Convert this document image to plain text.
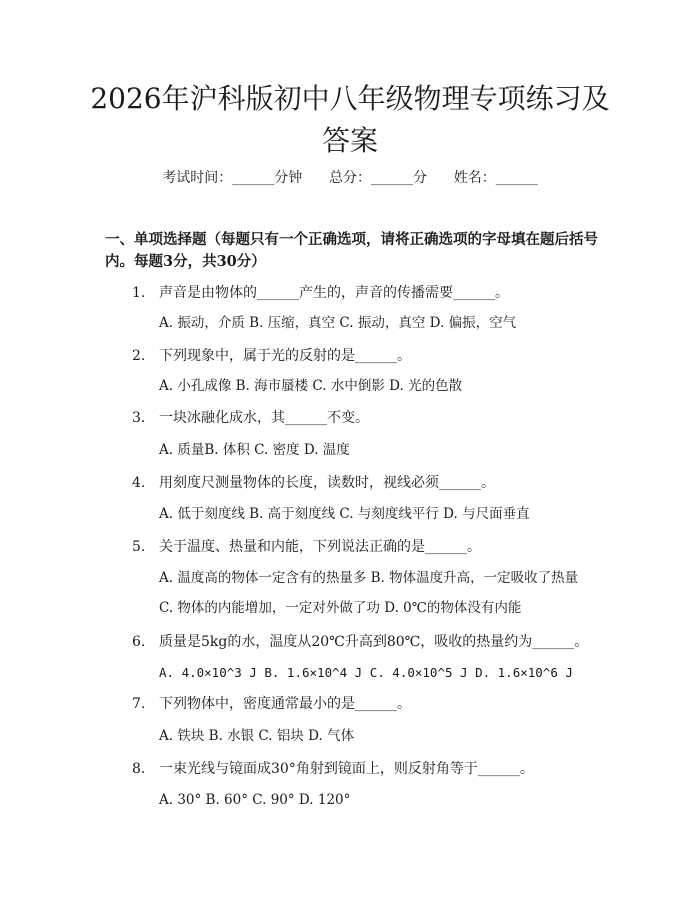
2026年沪科版初中八年级物理专项练习及答案
考试时间：______分钟      总分：______分      姓名：______
一、单项选择题（每题只有一个正确选项，请将正确选项的字母填在题后括号内。每题3分，共30分）
1. 声音是由物体的______产生的，声音的传播需要______。
A. 振动，介质 B. 压缩，真空 C. 振动，真空 D. 偏振，空气
2. 下列现象中，属于光的反射的是______。
A. 小孔成像 B. 海市蜃楼 C. 水中倒影 D. 光的色散
3. 一块冰融化成水，其______不变。
A. 质量B. 体积 C. 密度 D. 温度
4. 用刻度尺测量物体的长度，读数时，视线必须______。
A. 低于刻度线 B. 高于刻度线 C. 与刻度线平行 D. 与尺面垂直
5. 关于温度、热量和内能，下列说法正确的是______。
A. 温度高的物体一定含有的热量多 B. 物体温度升高，一定吸收了热量
C. 物体的内能增加，一定对外做了功 D. 0℃的物体没有内能
6. 质量是5kg的水，温度从20℃升高到80℃，吸收的热量约为______。
A. 4.0×10^3 J B. 1.6×10^4 J C. 4.0×10^5 J D. 1.6×10^6 J
7. 下列物体中，密度通常最小的是______。
A. 铁块 B. 水银 C. 铝块 D. 气体
8. 一束光线与镜面成30°角射到镜面上，则反射角等于______。
A. 30° B. 60° C. 90° D. 120°
